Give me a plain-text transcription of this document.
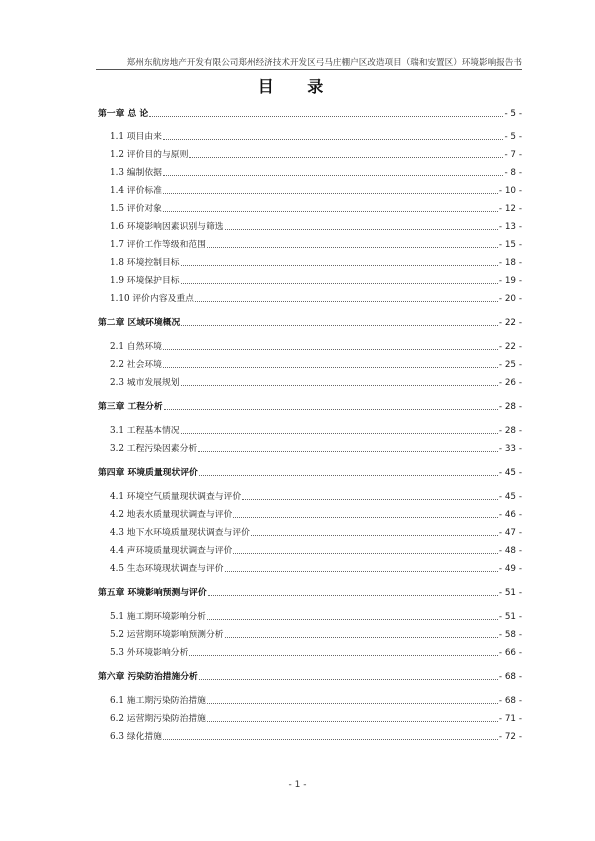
郑州东航房地产开发有限公司郑州经济技术开发区弓马庄棚户区改造项目（瑞和安置区）环境影响报告书
目 录
第一章 总 论	- 5 -
1.1 项目由来	- 5 -
1.2 评价目的与原则	- 7 -
1.3 编制依据	- 8 -
1.4 评价标准	- 10 -
1.5 评价对象	- 12 -
1.6 环境影响因素识别与筛选	- 13 -
1.7 评价工作等级和范围	- 15 -
1.8 环境控制目标	- 18 -
1.9 环境保护目标	- 19 -
1.10 评价内容及重点	- 20 -
第二章 区域环境概况	- 22 -
2.1 自然环境	- 22 -
2.2 社会环境	- 25 -
2.3 城市发展规划	- 26 -
第三章 工程分析	- 28 -
3.1 工程基本情况	- 28 -
3.2 工程污染因素分析	- 33 -
第四章 环境质量现状评价	- 45 -
4.1 环境空气质量现状调查与评价	- 45 -
4.2 地表水质量现状调查与评价	- 46 -
4.3 地下水环境质量现状调查与评价	- 47 -
4.4 声环境质量现状调查与评价	- 48 -
4.5 生态环境现状调查与评价	- 49 -
第五章 环境影响预测与评价	- 51 -
5.1 施工期环境影响分析	- 51 -
5.2 运营期环境影响预测分析	- 58 -
5.3 外环境影响分析	- 66 -
第六章 污染防治措施分析	- 68 -
6.1 施工期污染防治措施	- 68 -
6.2 运营期污染防治措施	- 71 -
6.3 绿化措施	- 72 -
- 1 -
